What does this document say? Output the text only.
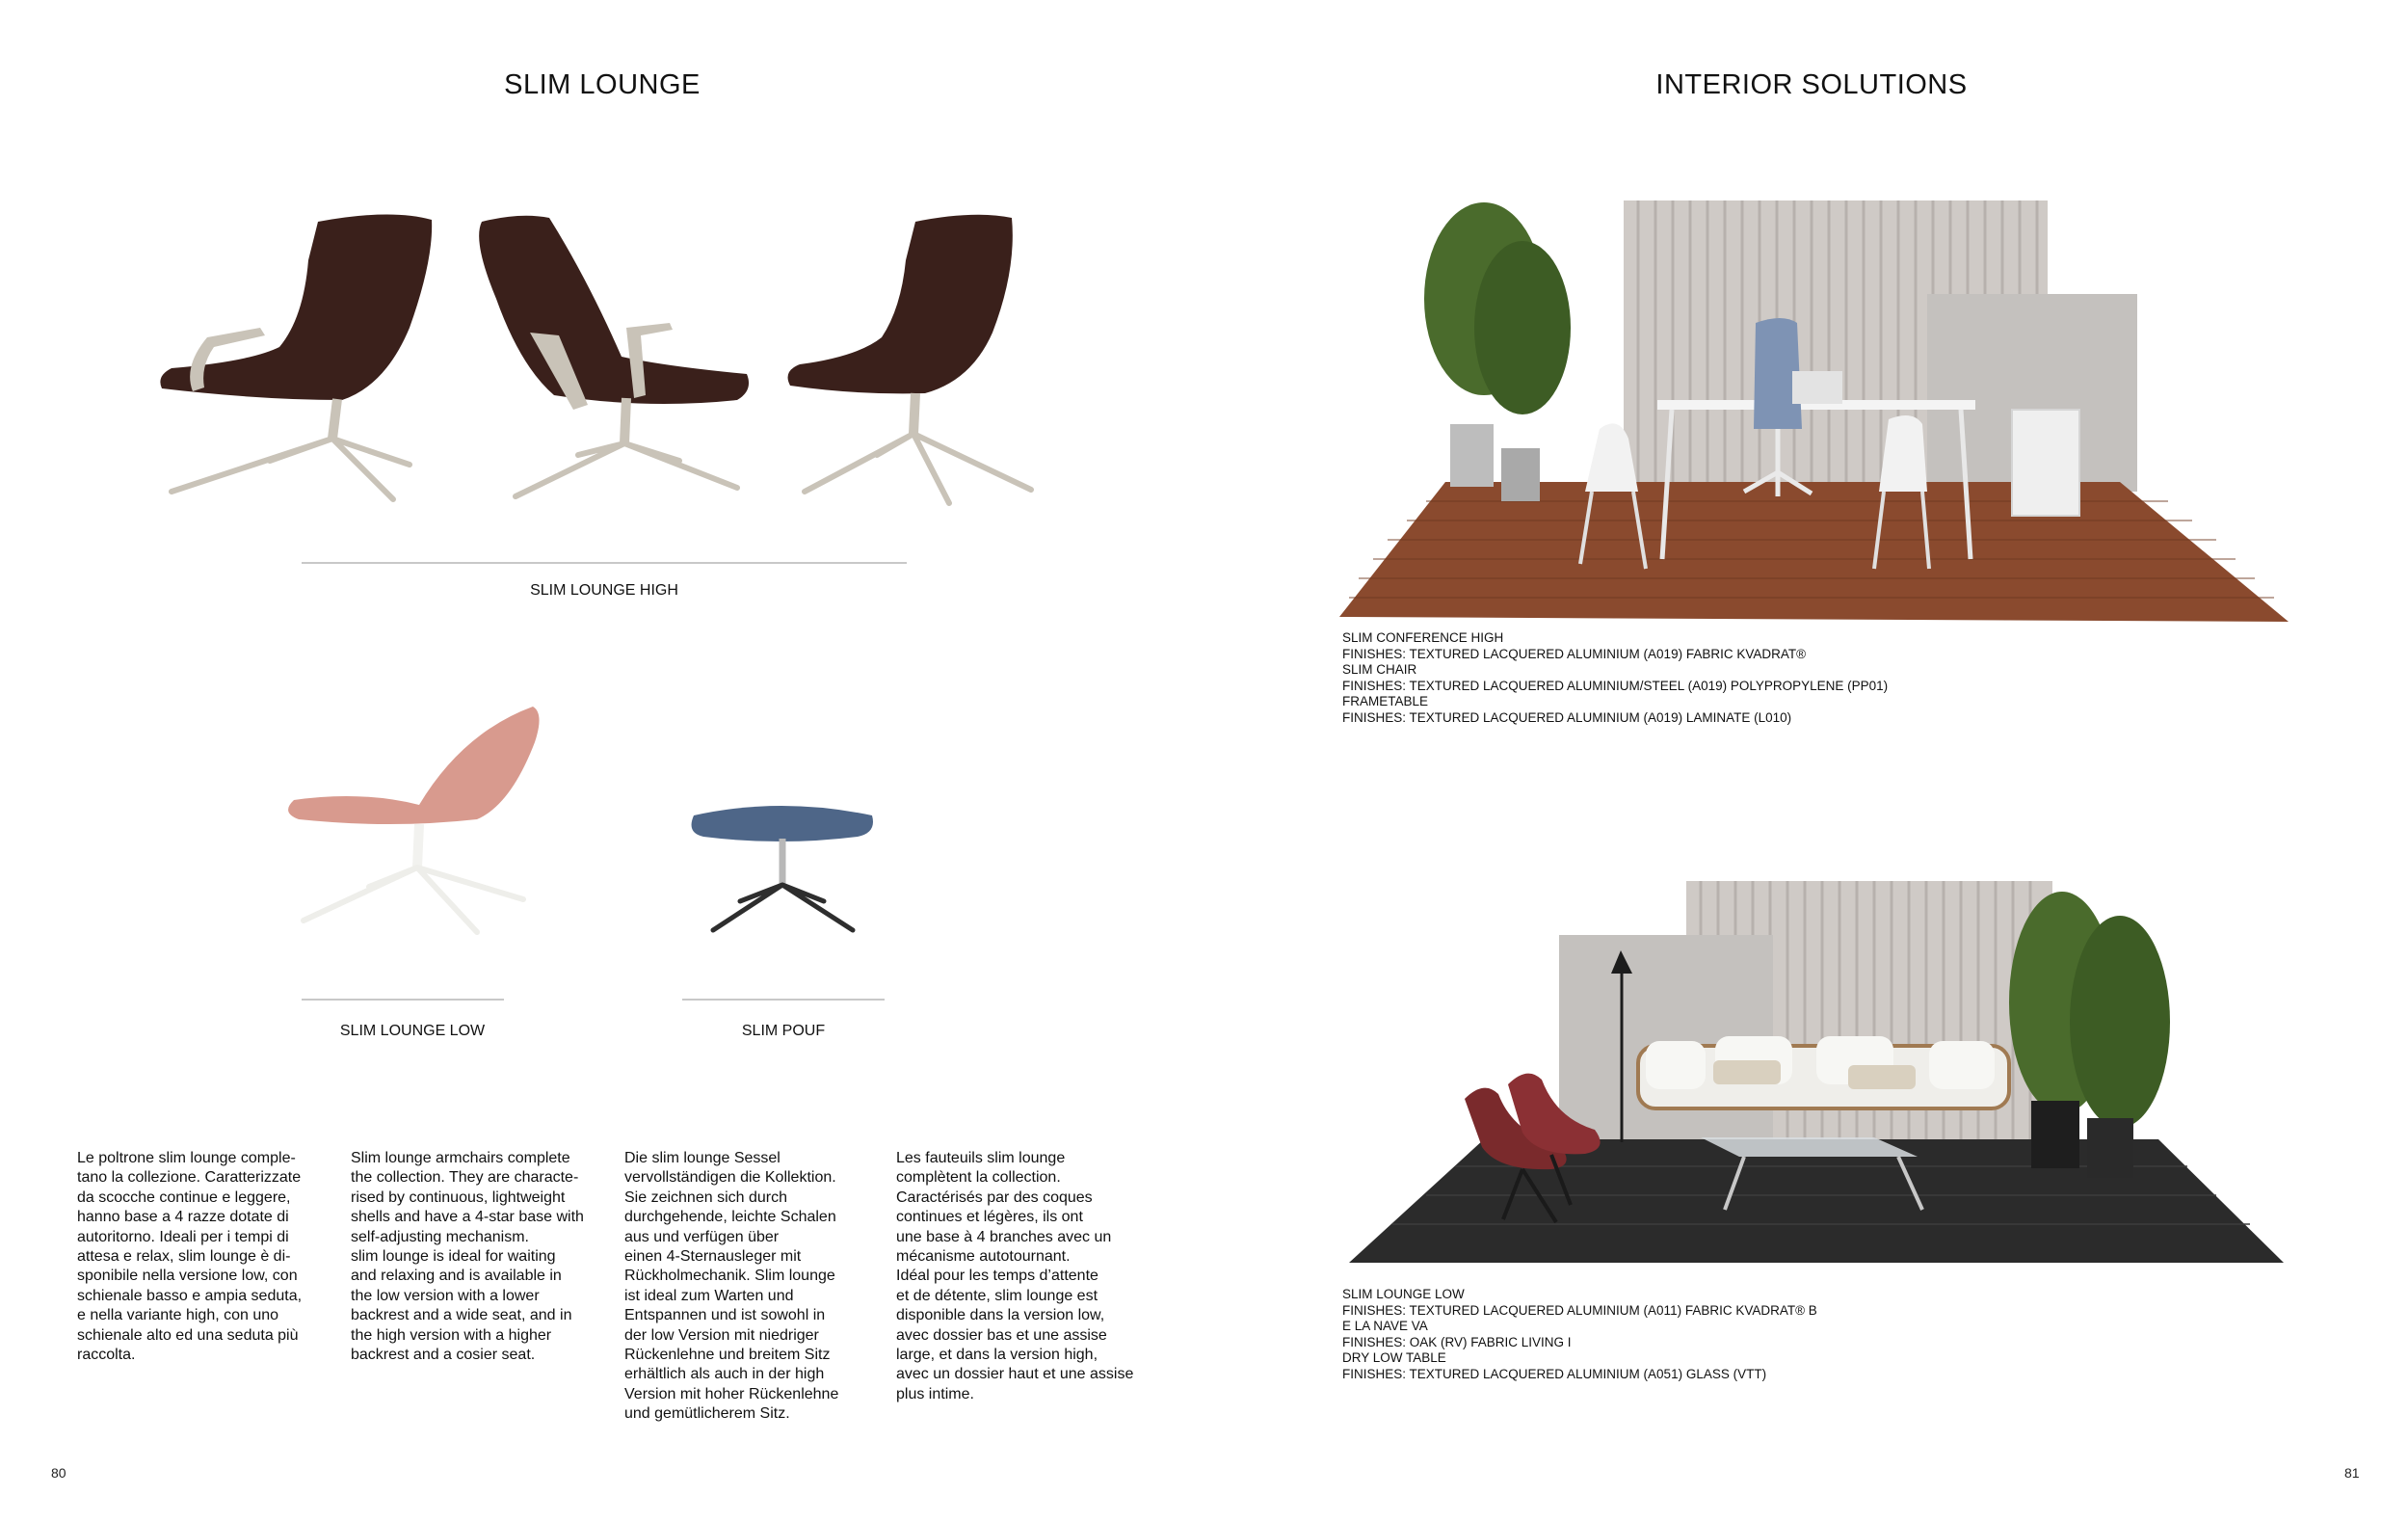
SLIM LOUNGE
SLIM LOUNGE HIGH
SLIM LOUNGE LOW	SLIM POUF
Le poltrone slim lounge comple-
tano la collezione. Caratterizzate
da scocche continue e leggere,
hanno base a 4 razze dotate di
autoritorno. Ideali per i tempi di
attesa e relax, slim lounge è di-
sponibile nella versione low, con
schienale basso e ampia seduta,
e nella variante high, con uno
schienale alto ed una seduta più
raccolta.
Slim lounge armchairs complete
the collection. They are characte-
rised by continuous, lightweight
shells and have a 4-star base with
self-adjusting mechanism.
slim lounge is ideal for waiting
and relaxing and is available in
the low version with a lower
backrest and a wide seat, and in
the high version with a higher
backrest and a cosier seat.
Die slim lounge Sessel
vervollständigen die Kollektion.
Sie zeichnen sich durch
durchgehende, leichte Schalen
aus und verfügen über
einen 4-Sternausleger mit
Rückholmechanik. Slim lounge
ist ideal zum Warten und
Entspannen und ist sowohl in
der low Version mit niedriger
Rückenlehne und breitem Sitz
erhältlich als auch in der high
Version mit hoher Rückenlehne
und gemütlicherem Sitz.
Les fauteuils slim lounge
complètent la collection.
Caractérisés par des coques
continues et légères, ils ont
une base à 4 branches avec un
mécanisme autotournant.
Idéal pour les temps d’attente
et de détente, slim lounge est
disponible dans la version low,
avec dossier bas et une assise
large, et dans la version high,
avec un dossier haut et une assise
plus intime.
80
INTERIOR SOLUTIONS
SLIM CONFERENCE HIGH
FINISHES: TEXTURED LACQUERED ALUMINIUM (A019) FABRIC KVADRAT®
SLIM CHAIR
FINISHES: TEXTURED LACQUERED ALUMINIUM/STEEL (A019) POLYPROPYLENE (PP01)
FRAMETABLE
FINISHES: TEXTURED LACQUERED ALUMINIUM (A019) LAMINATE (L010)
SLIM LOUNGE LOW
FINISHES: TEXTURED LACQUERED ALUMINIUM (A011) FABRIC KVADRAT® B
E LA NAVE VA
FINISHES: OAK (RV) FABRIC LIVING I
DRY LOW TABLE
FINISHES: TEXTURED LACQUERED ALUMINIUM (A051) GLASS (VTT)
81
